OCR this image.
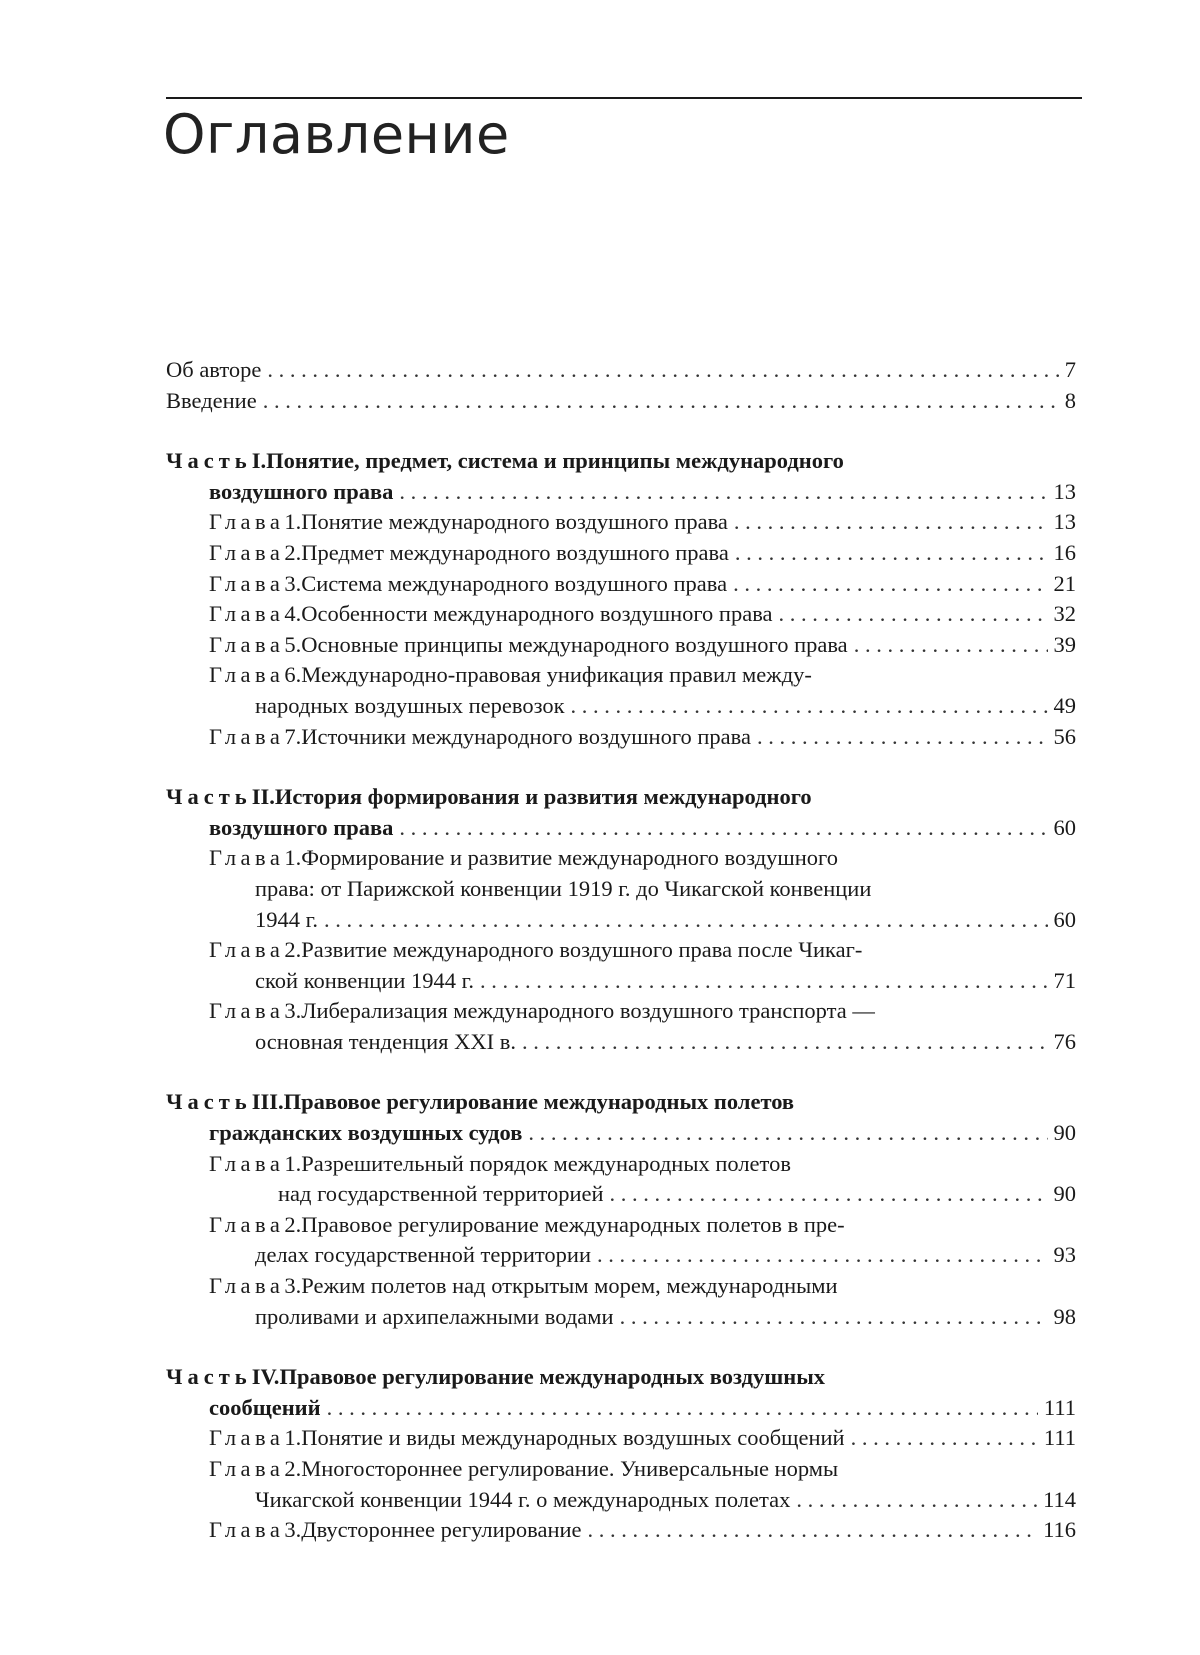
Оглавление
Об авторе . . .	7
Введение . . .	8
Часть I. Понятие, предмет, система и принципы международного
воздушного права . . .	13
Глава 1. Понятие международного воздушного права . . .	13
Глава 2. Предмет международного воздушного права . . .	16
Глава 3. Система международного воздушного права . . .	21
Глава 4. Особенности международного воздушного права . . .	32
Глава 5. Основные принципы международного воздушного права . . .	39
Глава 6. Международно-правовая унификация правил между-
народных воздушных перевозок . . .	49
Глава 7. Источники международного воздушного права . . .	56
Часть II. История формирования и развития международного
воздушного права . . .	60
Глава 1. Формирование и развитие международного воздушного
права: от Парижской конвенции 1919 г. до Чикагской конвенции
1944 г. . . .	60
Глава 2. Развитие международного воздушного права после Чикаг-
ской конвенции 1944 г. . . .	71
Глава 3. Либерализация международного воздушного транспорта —
основная тенденция XXI в. . . .	76
Часть III. Правовое регулирование международных полетов
гражданских воздушных судов . . .	90
Глава 1. Разрешительный порядок международных полетов
над государственной территорией . . .	90
Глава 2. Правовое регулирование международных полетов в пре-
делах государственной территории . . .	93
Глава 3. Режим полетов над открытым морем, международными
проливами и архипелажными водами . . .	98
Часть IV. Правовое регулирование международных воздушных
сообщений . . .	111
Глава 1. Понятие и виды международных воздушных сообщений . . .	111
Глава 2. Многостороннее регулирование. Универсальные нормы
Чикагской конвенции 1944 г. о международных полетах . . .	114
Глава 3. Двустороннее регулирование . . .	116
